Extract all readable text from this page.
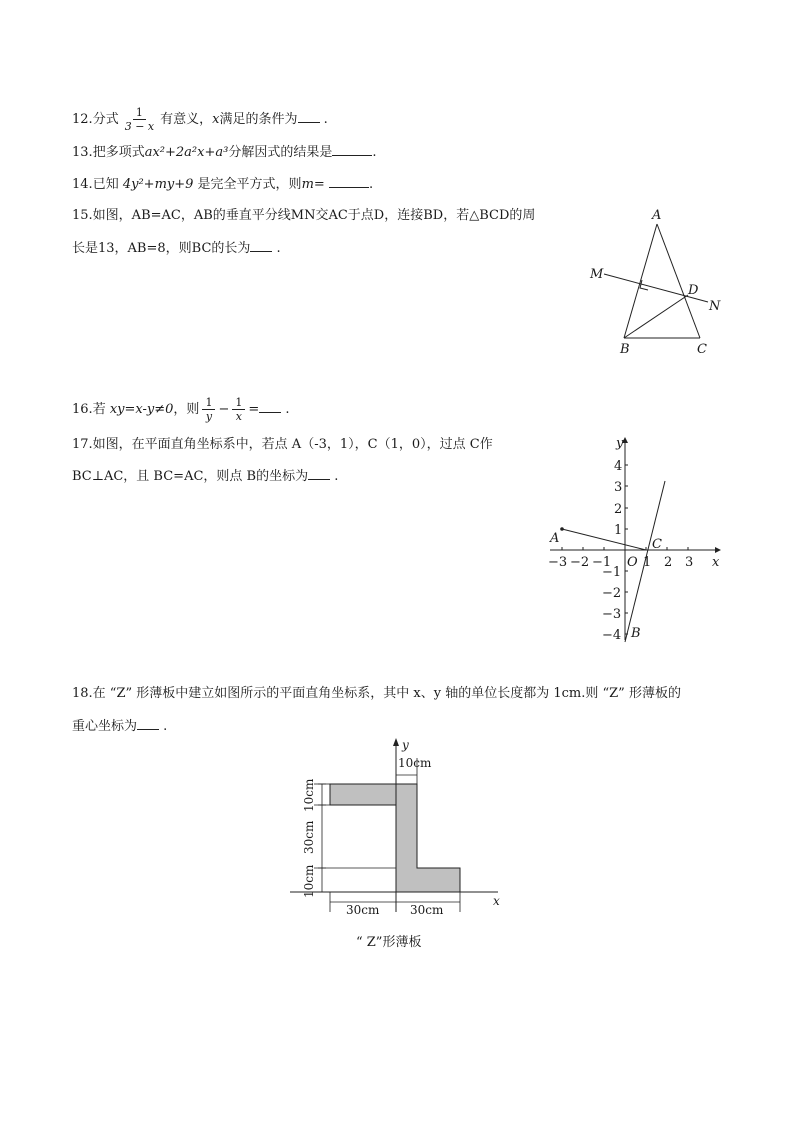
12.分式 $\frac{1}{3 - x}$ 有意义，x满足的条件为 .
13.把多项式ax²+2a²x+a³分解因式的结果是	.
14.已知 4y²+my+9 是完全平方式，则m=	.
15.如图，AB=AC，AB的垂直平分线MN交AC于点D，连接BD，若△BCD的周
长是13，AB=8，则BC的长为 .
A
B	C
D
M
N
16.若 xy=x-y≠0，则 $\frac{1}{y} - \frac{1}{x}$ = .
17.如图，在平面直角坐标系中，若点 A（-3，1），C（1，0），过点 C作
BC⊥AC，且 BC=AC，则点 B的坐标为 .
y
x
O
−3 −2 −1 1 2 3
4
3
2
1
−1
−2
−3
−4
A	C
B
18.在 “Z” 形薄板中建立如图所示的平面直角坐标系，其中 x、y 轴的单位长度都为 1cm.则 “Z” 形薄板的
重心坐标为 .
y
x
10cm
10cm
30cm
10cm
30cm	30cm
“ Z”形薄板
